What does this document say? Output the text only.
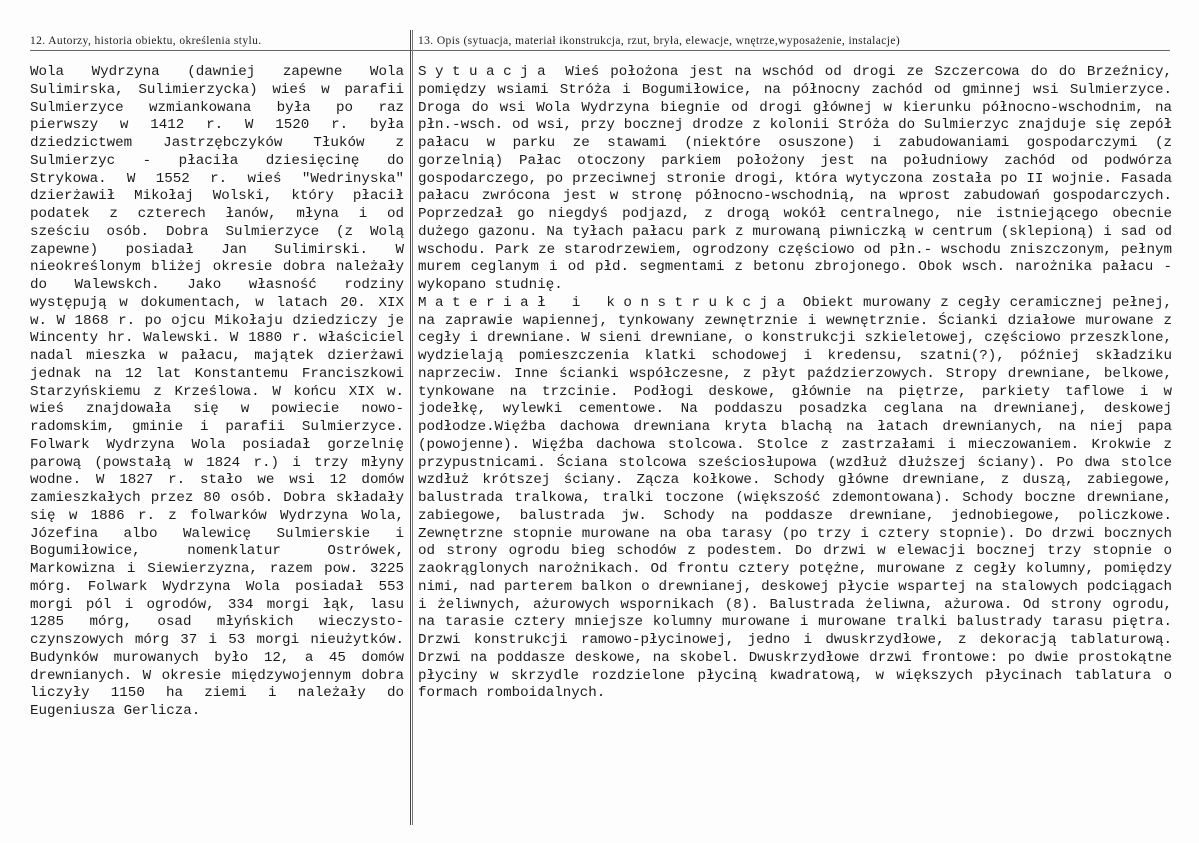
12. Autorzy, historia obiektu, określenia stylu.	13. Opis (sytuacja, materiał ikonstrukcja, rzut, bryła, elewacje, wnętrze,wyposażenie, instalacje)

Wola Wydrzyna (dawniej zapewne Wola Sulimirska, Sulimierzycka) wieś w parafii Sulmierzyce wzmiankowana była po raz pierwszy w 1412 r. W 1520 r. była dziedzictwem Jastrzębczyków Tłuków z Sulmierzyc - płaciła dziesięcinę do Strykowa. W 1552 r. wieś "Wedrinyska" dzierżawił Mikołaj Wolski, który płacił podatek z czterech łanów, młyna i od sześciu osób. Dobra Sulmierzyce (z Wolą zapewne) posiadał Jan Sulimirski. W nieokreślonym bliżej okresie dobra należały do Walewskch. Jako własność rodziny występują w dokumentach, w latach 20. XIX w. W 1868 r. po ojcu Mikołaju dziedziczy je Wincenty hr. Walewski. W 1880 r. właściciel nadal mieszka w pałacu, majątek dzierżawi jednak na 12 lat Konstantemu Franciszkowi Starzyńskiemu z Krześlowa. W końcu XIX w. wieś znajdowała się w powiecie nowo-radomskim, gminie i parafii Sulmierzyce. Folwark Wydrzyna Wola posiadał gorzelnię parową (powstałą w 1824 r.) i trzy młyny wodne. W 1827 r. stało we wsi 12 domów zamieszkałych przez 80 osób. Dobra składały się w 1886 r. z folwarków Wydrzyna Wola, Józefina albo Walewicę Sulmierskie i Bogumiłowice, nomenklatur Ostrówek, Markowizna i Siewierzyzna, razem pow. 3225 mórg. Folwark Wydrzyna Wola posiadał 553 morgi pól i ogrodów, 334 morgi łąk, lasu 1285 mórg, osad młyńskich wieczysto-czynszowych mórg 37 i 53 morgi nieużytków. Budynków murowanych było 12, a 45 domów drewnianych. W okresie międzywojennym dobra liczyły 1150 ha ziemi i należały do Eugeniusza Gerlicza.

Sytuacja Wieś położona jest na wschód od drogi ze Szczercowa do do Brzeźnicy, pomiędzy wsiami Stróża i Bogumiłowice, na północny zachód od gminnej wsi Sulmierzyce. Droga do wsi Wola Wydrzyna biegnie od drogi głównej w kierunku północno-wschodnim, na płn.-wsch. od wsi, przy bocznej drodze z kolonii Stróża do Sulmierzyc znajduje się zepół pałacu w parku ze stawami (niektóre osuszone) i zabudowaniami gospodarczymi (z gorzelnią) Pałac otoczony parkiem położony jest na południowy zachód od podwórza gospodarczego, po przeciwnej stronie drogi, która wytyczona została po II wojnie. Fasada pałacu zwrócona jest w stronę północno-wschodnią, na wprost zabudowań gospodarczych. Poprzedzał go niegdyś podjazd, z drogą wokół centralnego, nie istniejącego obecnie dużego gazonu. Na tyłach pałacu park z murowaną piwniczką w centrum (sklepioną) i sad od wschodu. Park ze starodrzewiem, ogrodzony częściowo od płn.- wschodu zniszczonym, pełnym murem ceglanym i od płd. segmentami z betonu zbrojonego. Obok wsch. narożnika pałacu -wykopano studnię.

Materiał i konstrukcja Obiekt murowany z cegły ceramicznej pełnej, na zaprawie wapiennej, tynkowany zewnętrznie i wewnętrznie. Ścianki działowe murowane z cegły i drewniane. W sieni drewniane, o konstrukcji szkieletowej, częściowo przeszklone, wydzielają pomieszczenia klatki schodowej i kredensu, szatni(?), później składziku naprzeciw. Inne ścianki współczesne, z płyt paździerzowych. Stropy drewniane, belkowe, tynkowane na trzcinie. Podłogi deskowe, głównie na piętrze, parkiety taflowe i w jodełkę, wylewki cementowe. Na poddaszu posadzka ceglana na drewnianej, deskowej podłodze.Więźba dachowa drewniana kryta blachą na łatach drewnianych, na niej papa (powojenne). Więźba dachowa stolcowa. Stolce z zastrzałami i mieczowaniem. Krokwie z przypustnicami. Ściana stolcowa sześciosłupowa (wzdłuż dłuższej ściany). Po dwa stolce wzdłuż krótszej ściany. Zącza kołkowe. Schody główne drewniane, z duszą, zabiegowe, balustrada tralkowa, tralki toczone (większość zdemontowana). Schody boczne drewniane, zabiegowe, balustrada jw. Schody na poddasze drewniane, jednobiegowe, policzkowe. Zewnętrzne stopnie murowane na oba tarasy (po trzy i cztery stopnie). Do drzwi bocznych od strony ogrodu bieg schodów z podestem. Do drzwi w elewacji bocznej trzy stopnie o zaokrąglonych narożnikach. Od frontu cztery potężne, murowane z cegły kolumny, pomiędzy nimi, nad parterem balkon o drewnianej, deskowej płycie wspartej na stalowych podciągach i żeliwnych, ażurowych wspornikach (8). Balustrada żeliwna, ażurowa. Od strony ogrodu, na tarasie cztery mniejsze kolumny murowane i murowane tralki balustrady tarasu piętra. Drzwi konstrukcji ramowo-płycinowej, jedno i dwuskrzydłowe, z dekoracją tablaturową. Drzwi na poddasze deskowe, na skobel. Dwuskrzydłowe drzwi frontowe: po dwie prostokątne płyciny w skrzydle rozdzielone płyciną kwadratową, w większych płycinach tablatura o formach romboidalnych.
